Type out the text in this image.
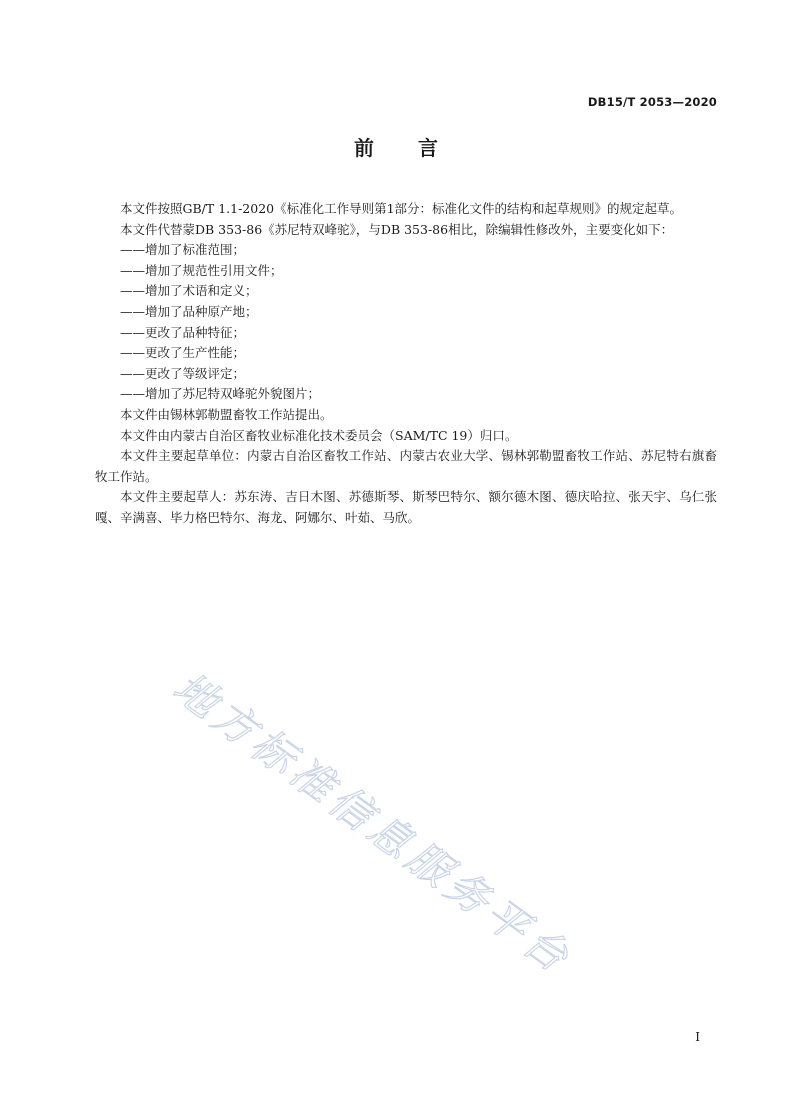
DB15/T 2053—2020
前言

本文件按照GB/T 1.1-2020《标准化工作导则第1部分：标准化文件的结构和起草规则》的规定起草。

本文件代替蒙DB 353-86《苏尼特双峰驼》，与DB 353-86相比，除编辑性修改外，主要变化如下：

——增加了标准范围；

——增加了规范性引用文件；

——增加了术语和定义；

——增加了品种原产地；

——更改了品种特征；

——更改了生产性能；

——更改了等级评定；

——增加了苏尼特双峰驼外貌图片；

本文件由锡林郭勒盟畜牧工作站提出。

本文件由内蒙古自治区畜牧业标准化技术委员会（SAM/TC 19）归口。

本文件主要起草单位：内蒙古自治区畜牧工作站、内蒙古农业大学、锡林郭勒盟畜牧工作站、苏尼特右旗畜牧工作站。

本文件主要起草人：苏东涛、吉日木图、苏德斯琴、斯琴巴特尔、额尔德木图、德庆哈拉、张天宇、乌仁张嘎、辛满喜、毕力格巴特尔、海龙、阿娜尔、叶茹、马欣。

地方标准信息服务平台
I
